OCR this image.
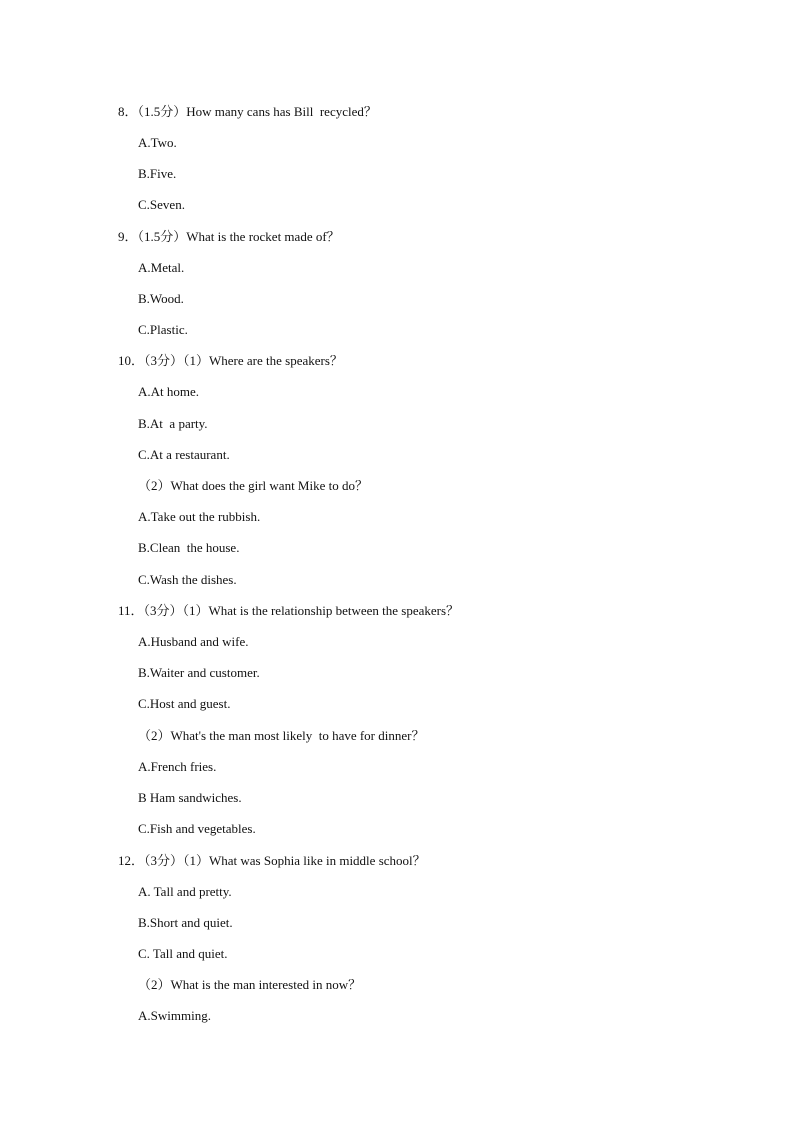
8．（1.5分）How many cans has Bill  recycled？
A.Two.
B.Five.
C.Seven.
9．（1.5分）What is the rocket made of？
A.Metal.
B.Wood.
C.Plastic.
10．（3分）（1）Where are the speakers？
A.At home.
B.At  a party.
C.At a restaurant.
（2）What does the girl want Mike to do？
A.Take out the rubbish.
B.Clean  the house.
C.Wash the dishes.
11．（3分）（1）What is the relationship between the speakers？
A.Husband and wife.
B.Waiter and customer.
C.Host and guest.
（2）What's the man most likely  to have for dinner？
A.French fries.
B Ham sandwiches.
C.Fish and vegetables.
12．（3分）（1）What was Sophia like in middle school？
A. Tall and pretty.
B.Short and quiet.
C. Tall and quiet.
（2）What is the man interested in now？
A.Swimming.
